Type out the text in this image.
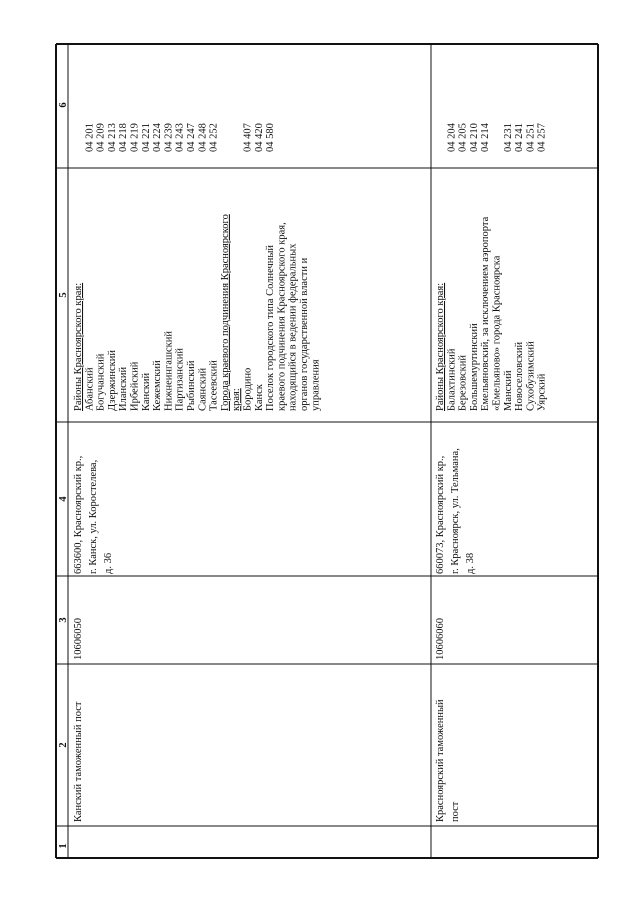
1
2
3
4
5
6
Канский таможенный пост
10606050
663600, Красноярский кр., г. Канск, ул. Коростелева, д. 36
Районы Красноярского края: Абанский
04 201
Богучанский
04 209
Дзержинский
04 213
Иланский
04 218
Ирбейский
04 219
Канский
04 221
Кежемский
04 224
Нижнеингашский
04 239
Партизанский
04 243
Рыбинский
04 247
Саянский
04 248
Тасеевский
04 252
Города краевого подчинения Красноярского края: Бородино
04 407
Канск
04 420
Поселок городского типа Солнечный
04 580
краевого подчинения Красноярского края, находящийся в ведении федеральных органов государственной власти и управления
Красноярский таможенный пост
10606060
660073, Красноярский кр., г. Красноярск, ул. Тельмана, д. 38
Районы Красноярского края: Балахтинский
04 204
Березовский
04 205
Большемуртинский
04 210
Емельяновский, за исключением аэропорта
04 214
«Емельяново» города Красноярска Манский
04 231
Новоселовский
04 241
Сухобузимский
04 251
Уярский
04 257
